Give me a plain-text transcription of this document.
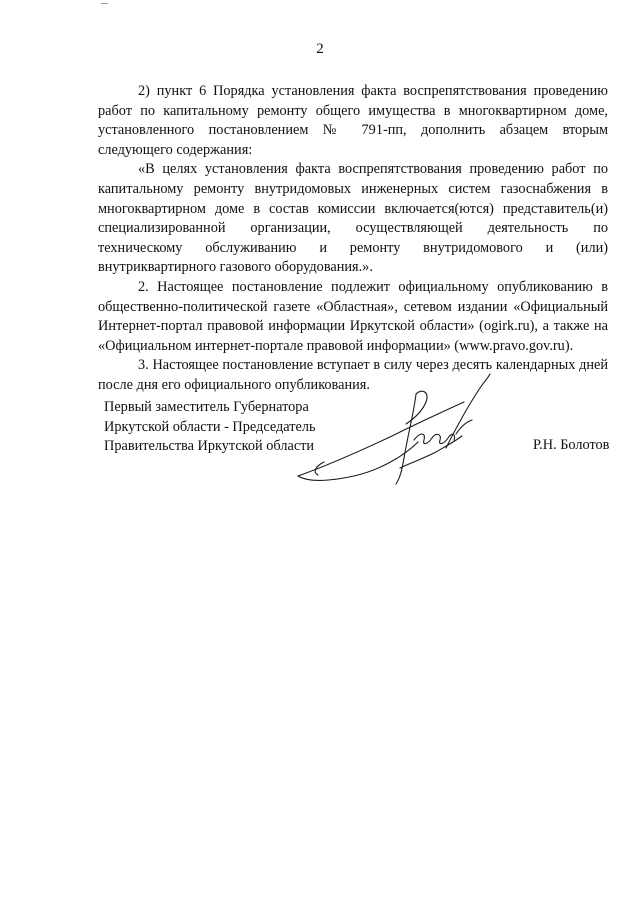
2

2) пункт 6 Порядка установления факта воспрепятствования проведению работ по капитальному ремонту общего имущества в многоквартирном доме, установленного постановлением № 791-пп, дополнить абзацем вторым следующего содержания:

«В целях установления факта воспрепятствования проведению работ по капитальному ремонту внутридомовых инженерных систем газоснабжения в многоквартирном доме в состав комиссии включается(ются) представитель(и) специализированной организации, осуществляющей деятельность по техническому обслуживанию и ремонту внутридомового и (или) внутриквартирного газового оборудования.».

2. Настоящее постановление подлежит официальному опубликованию в общественно-политической газете «Областная», сетевом издании «Официальный Интернет-портал правовой информации Иркутской области» (ogirk.ru), а также на «Официальном интернет-портале правовой информации» (www.pravo.gov.ru).

3. Настоящее постановление вступает в силу через десять календарных дней после дня его официального опубликования.

Первый заместитель Губернатора
Иркутской области - Председатель
Правительства Иркутской области	Р.Н. Болотов
